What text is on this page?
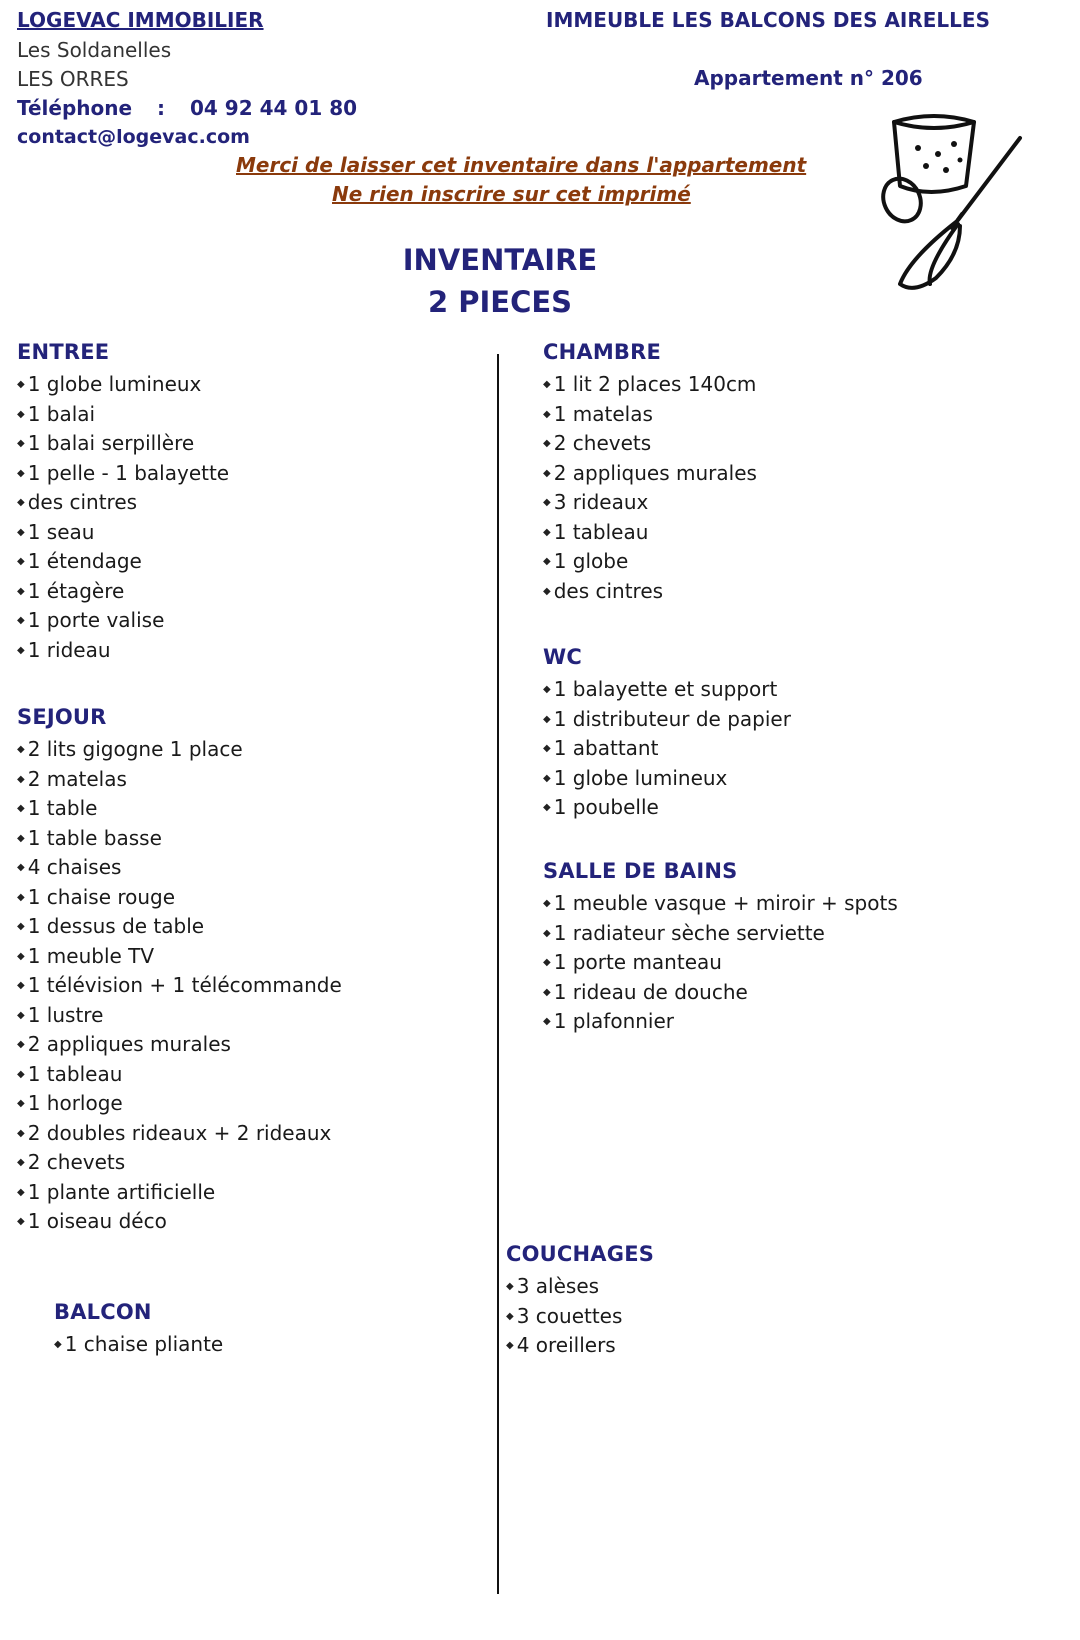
LOGEVAC IMMOBILIER
Les Soldanelles
LES ORRES
Téléphone : 04 92 44 01 80
contact@logevac.com
IMMEUBLE LES BALCONS DES AIRELLES
Appartement n° 206
Merci de laisser cet inventaire dans l'appartement
Ne rien inscrire sur cet imprimé
INVENTAIRE
2 PIECES
ENTREE
◆ 1 globe lumineux
◆ 1 balai
◆ 1 balai serpillère
◆ 1 pelle - 1 balayette
◆ des cintres
◆ 1 seau
◆ 1 étendage
◆ 1 étagère
◆ 1 porte valise
◆ 1 rideau
SEJOUR
◆ 2 lits gigogne 1 place
◆ 2 matelas
◆ 1 table
◆ 1 table basse
◆ 4 chaises
◆ 1 chaise rouge
◆ 1 dessus de table
◆ 1 meuble TV
◆ 1 télévision + 1 télécommande
◆ 1 lustre
◆ 2 appliques murales
◆ 1 tableau
◆ 1 horloge
◆ 2 doubles rideaux + 2 rideaux
◆ 2 chevets
◆ 1 plante artificielle
◆ 1 oiseau déco
BALCON
◆ 1 chaise pliante
CHAMBRE
◆ 1 lit 2 places 140cm
◆ 1 matelas
◆ 2 chevets
◆ 2 appliques murales
◆ 3 rideaux
◆ 1 tableau
◆ 1 globe
◆ des cintres
WC
◆ 1 balayette et support
◆ 1 distributeur de papier
◆ 1 abattant
◆ 1 globe lumineux
◆ 1 poubelle
SALLE DE BAINS
◆ 1 meuble vasque + miroir + spots
◆ 1 radiateur sèche serviette
◆ 1 porte manteau
◆ 1 rideau de douche
◆ 1 plafonnier
COUCHAGES
◆ 3 alèses
◆ 3 couettes
◆ 4 oreillers
